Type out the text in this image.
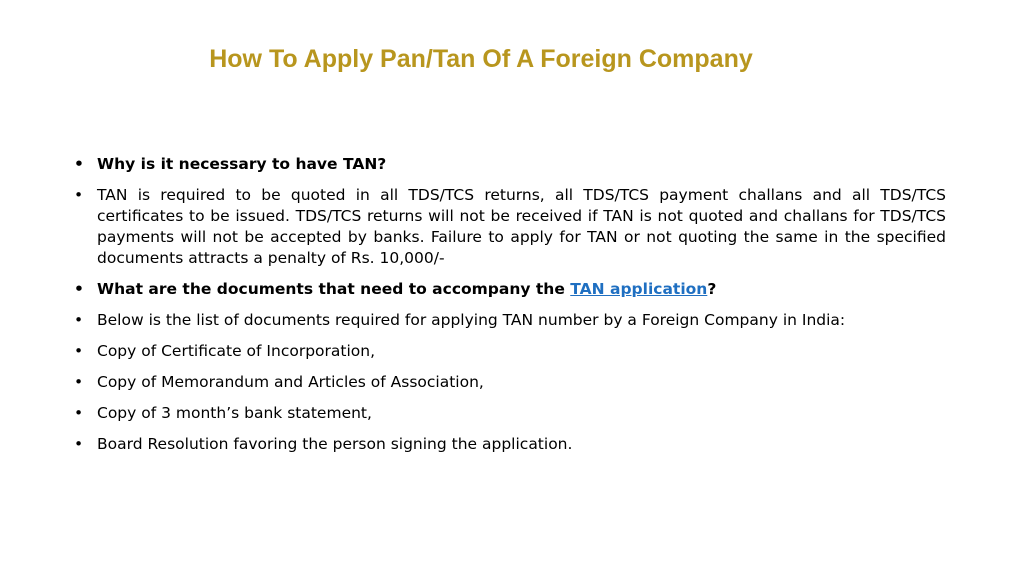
How To Apply Pan/Tan Of A Foreign Company
• Why is it necessary to have TAN?
• TAN is required to be quoted in all TDS/TCS returns, all TDS/TCS payment challans and all TDS/TCS certificates to be issued. TDS/TCS returns will not be received if TAN is not quoted and challans for TDS/TCS payments will not be accepted by banks. Failure to apply for TAN or not quoting the same in the specified documents attracts a penalty of Rs. 10,000/-
• What are the documents that need to accompany the TAN application?
• Below is the list of documents required for applying TAN number by a Foreign Company in India:
• Copy of Certificate of Incorporation,
• Copy of Memorandum and Articles of Association,
• Copy of 3 month’s bank statement,
• Board Resolution favoring the person signing the application.
